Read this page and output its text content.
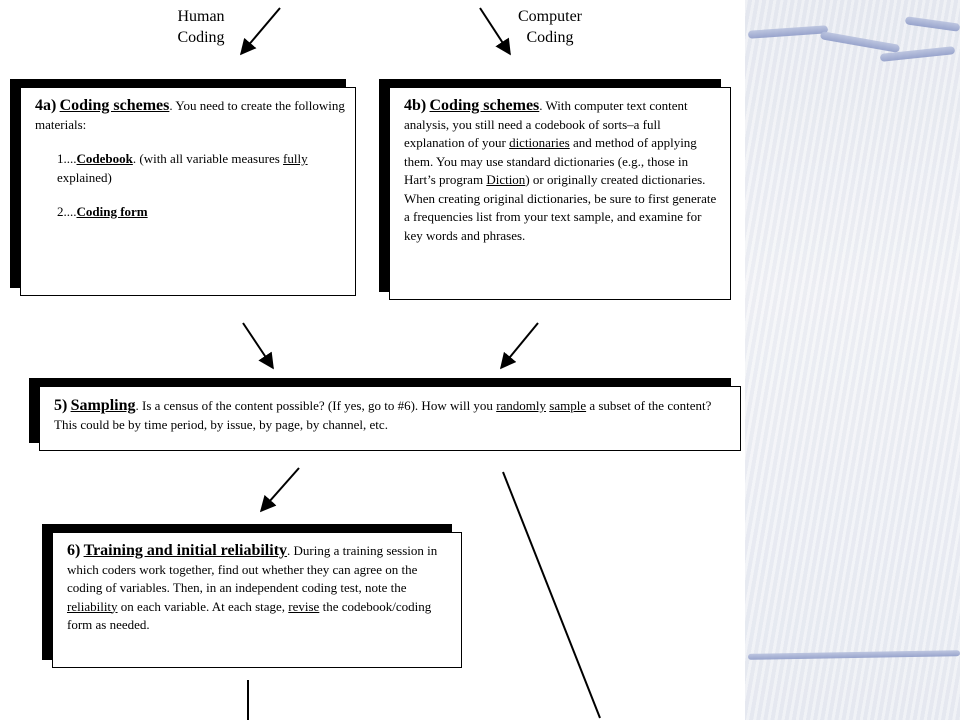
Human
Coding
Computer
Coding
4a) Coding schemes. You need to create the following materials:
1....Codebook. (with all variable measures fully explained)
2....Coding form
4b) Coding schemes. With computer text content analysis, you still need a codebook of sorts–a full explanation of your dictionaries and method of applying them. You may use standard dictionaries (e.g., those in Hart’s program Diction) or originally created dictionaries. When creating original dictionaries, be sure to first generate a frequencies list from your text sample, and examine for key words and phrases.
5) Sampling. Is a census of the content possible? (If yes, go to #6). How will you randomly sample a subset of the content? This could be by time period, by issue, by page, by channel, etc.
6) Training and initial reliability. During a training session in which coders work together, find out whether they can agree on the coding of variables. Then, in an independent coding test, note the reliability on each variable. At each stage, revise the codebook/coding form as needed.
